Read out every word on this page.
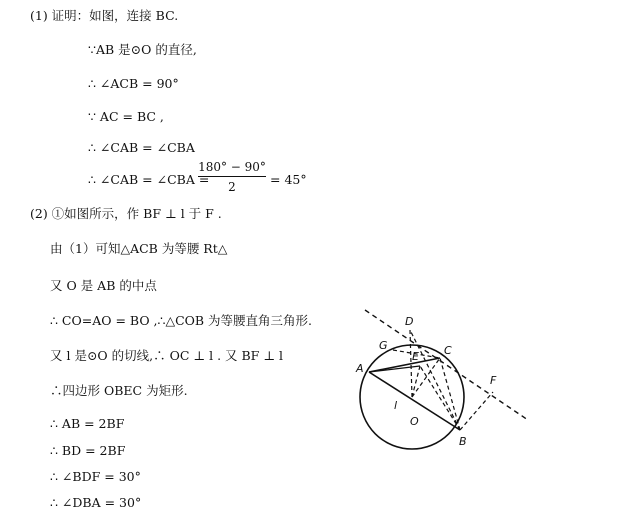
(1) 证明：如图，连接 BC.
∵AB 是⊙O 的直径,
∴ ∠ACB = 90°
∵ AC = BC ,
∴ ∠CAB = ∠CBA
∴ ∠CAB = ∠CBA =
180° − 90°
2	= 45°
(2) ①如图所示，作 BF ⊥ l 于 F .
由（1）可知△ACB 为等腰 Rt△
又 O 是 AB 的中点
∴ CO=AO = BO ,∴△COB 为等腰直角三角形.
又 l 是⊙O 的切线,∴ OC ⊥ l . 又 BF ⊥ l
∴四边形 OBEC 为矩形.
∴ AB = 2BF
∴ BD = 2BF
∴ ∠BDF = 30°
∴ ∠DBA = 30°
D
G
E C
A
F
l
O
B
